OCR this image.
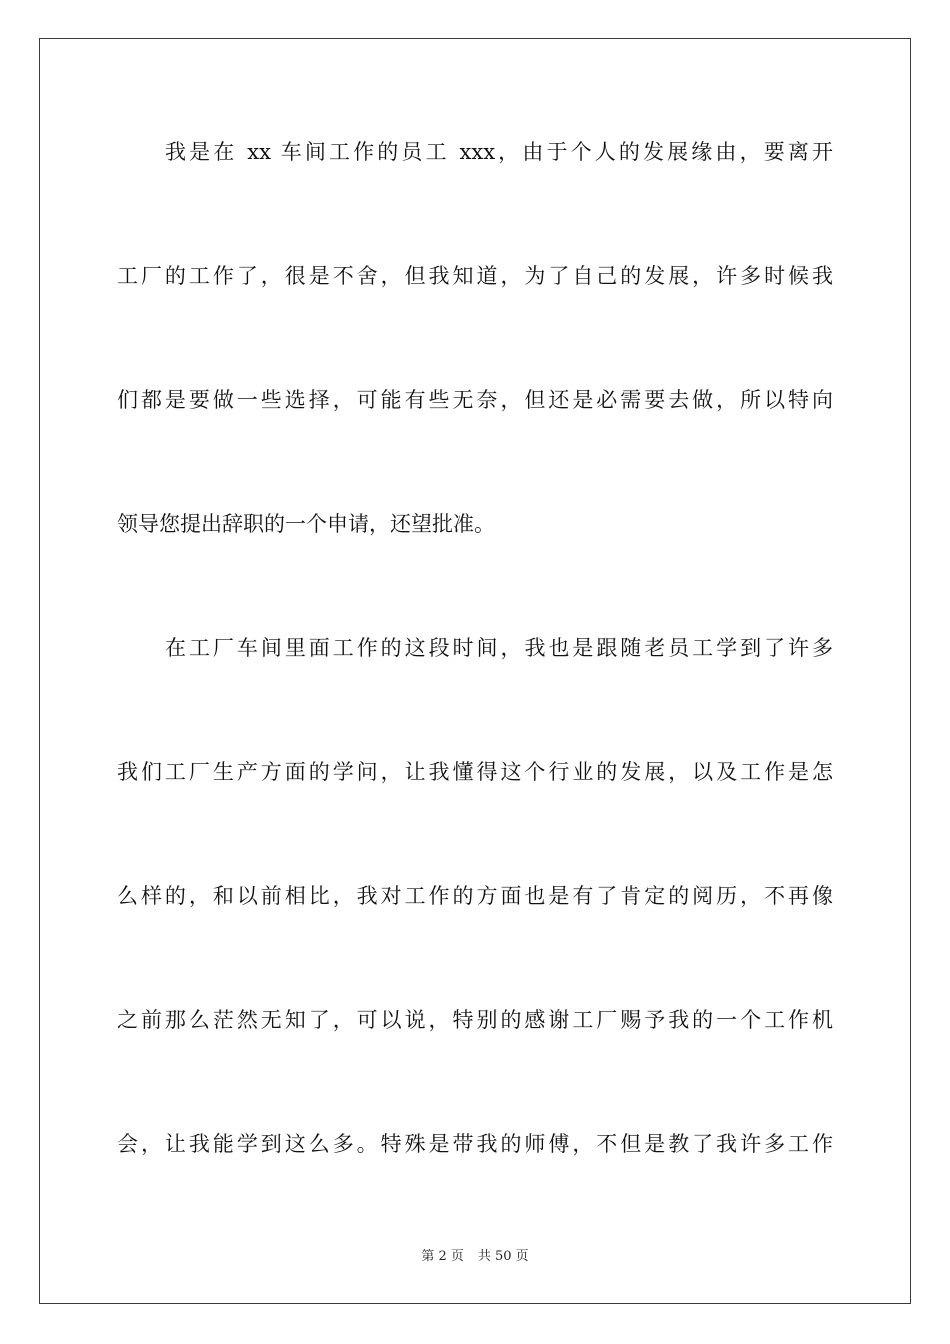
我是在 xx 车间工作的员工 xxx，由于个人的发展缘由，要离开
工厂的工作了，很是不舍，但我知道，为了自己的发展，许多时候我
们都是要做一些选择，可能有些无奈，但还是必需要去做，所以特向
领导您提出辞职的一个申请，还望批准。
在工厂车间里面工作的这段时间，我也是跟随老员工学到了许多
我们工厂生产方面的学问，让我懂得这个行业的发展，以及工作是怎
么样的，和以前相比，我对工作的方面也是有了肯定的阅历，不再像
之前那么茫然无知了，可以说，特别的感谢工厂赐予我的一个工作机
会，让我能学到这么多。特殊是带我的师傅，不但是教了我许多工作
第 2 页 共 50 页
